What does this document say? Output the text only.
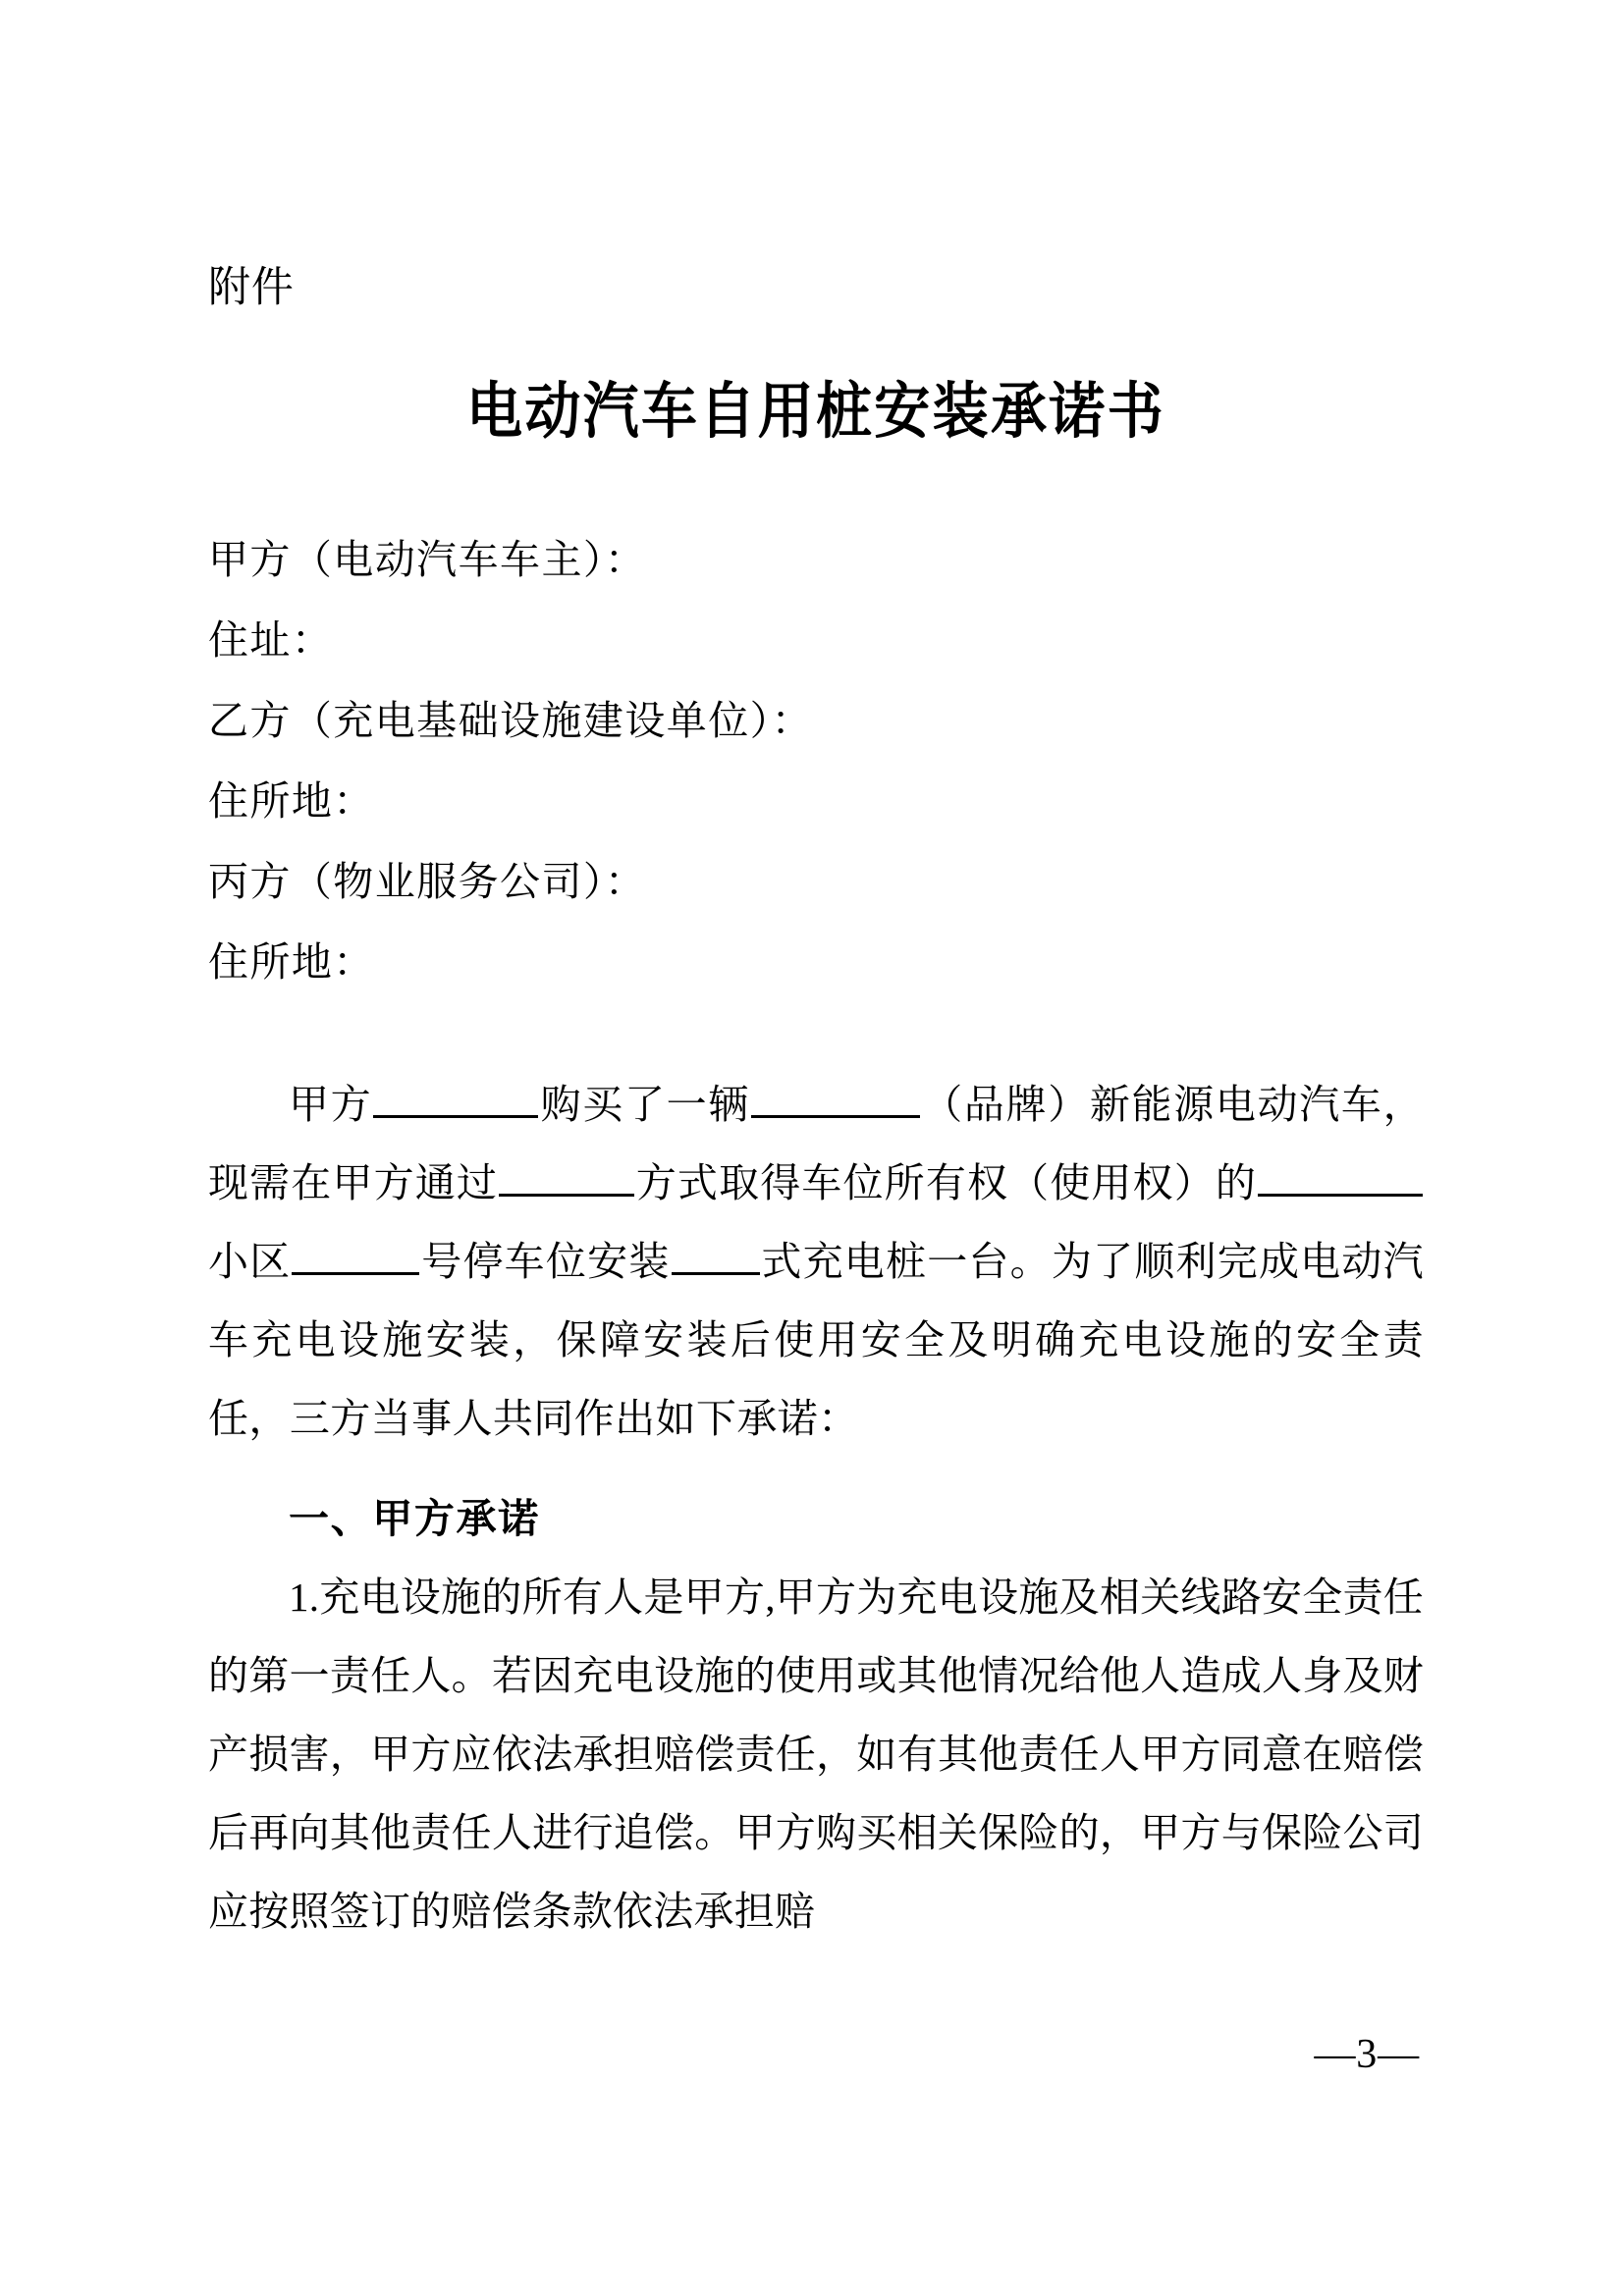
附件
电动汽车自用桩安装承诺书
甲方（电动汽车车主）：
住址：
乙方（充电基础设施建设单位）：
住所地：
丙方（物业服务公司）：
住所地：

甲方	购买了一辆	（品牌）新能源电动汽车，现需在甲方通过	方式取得车位所有权（使用权）的小区	号停车位安装 式充电桩一台。为了顺利完成电动汽车充电设施安装，保障安装后使用安全及明确充电设施的安全责任，三方当事人共同作出如下承诺：

一、甲方承诺

1.充电设施的所有人是甲方,甲方为充电设施及相关线路安全责任的第一责任人。若因充电设施的使用或其他情况给他人造成人身及财产损害，甲方应依法承担赔偿责任，如有其他责任人甲方同意在赔偿后再向其他责任人进行追偿。甲方购买相关保险的，甲方与保险公司应按照签订的赔偿条款依法承担赔

—3—
